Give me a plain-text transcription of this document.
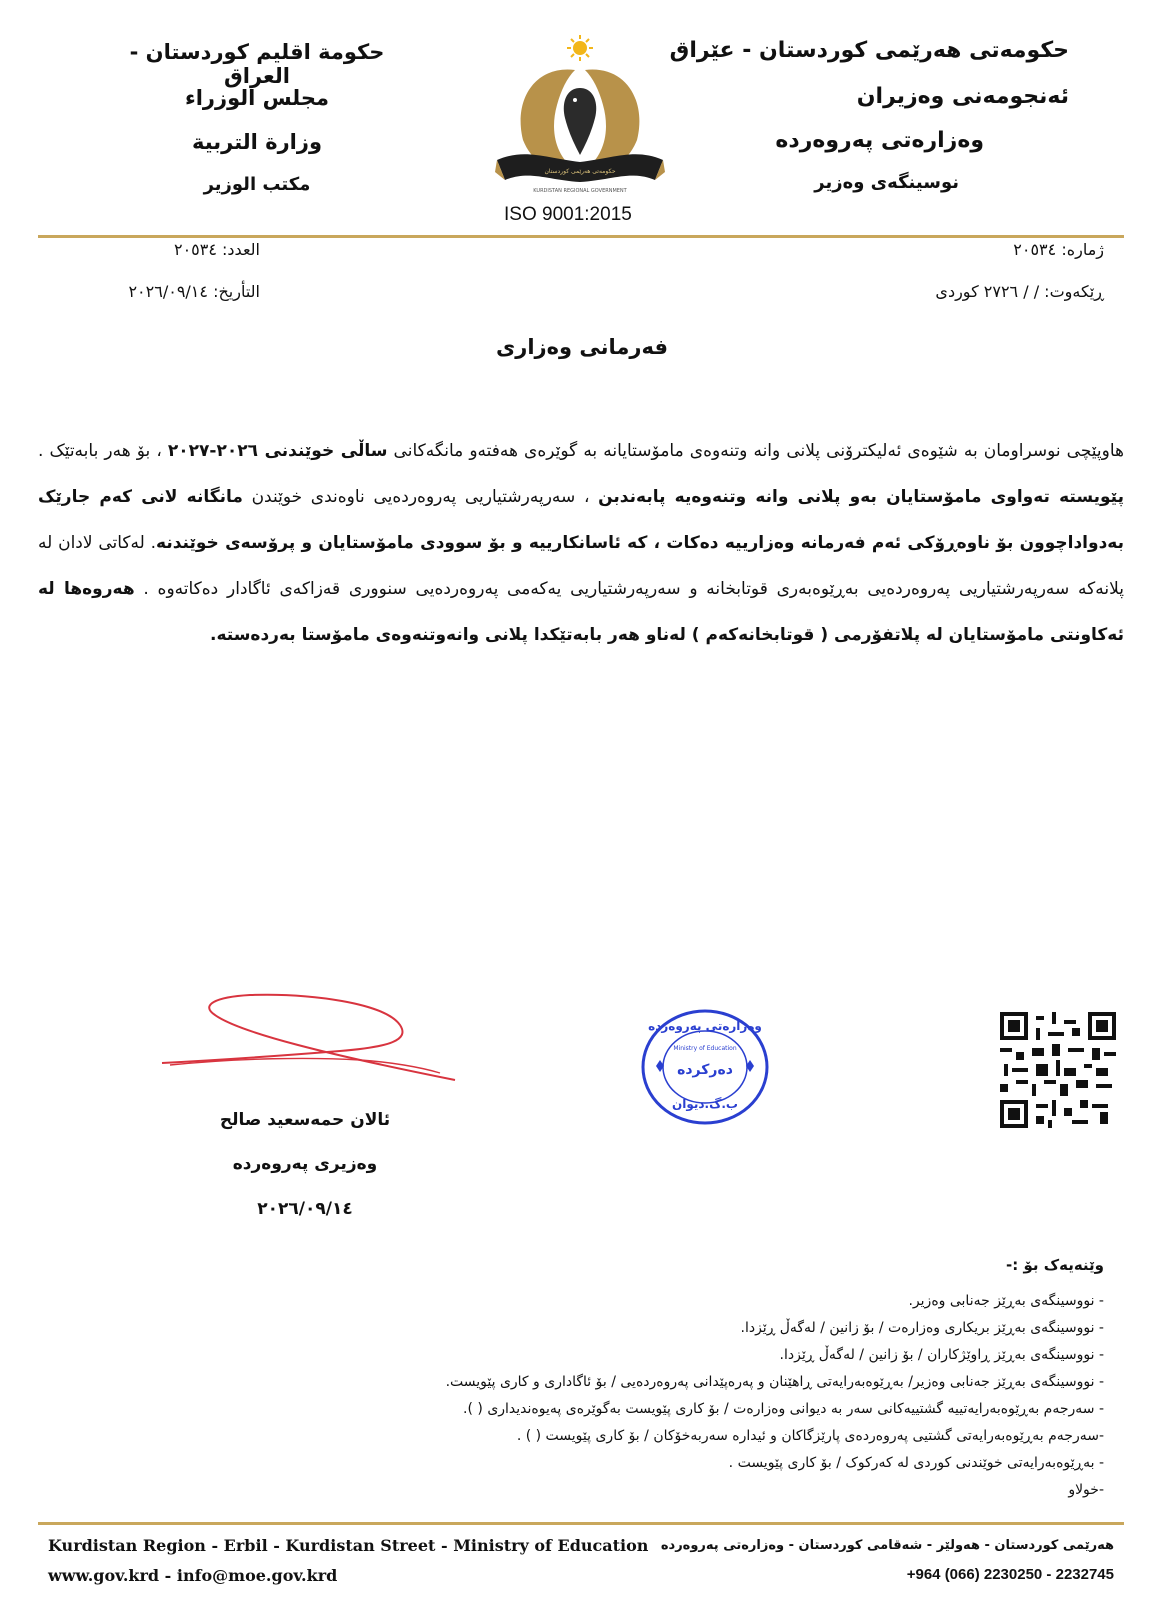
حکومەتی هەرێمی کوردستان - عێراق
ئەنجومەنی وەزیران
وەزارەتی پەروەردە
نوسینگەی وەزیر
حكومة اقليم كوردستان - العراق
مجلس الوزراء
وزارة التربية
مكتب الوزير
حكومەتی هەرێمی کوردستان
KURDISTAN REGIONAL GOVERNMENT
ISO 9001:2015
ژمارە: ٢٠٥٣٤
ڕێکەوت: / / ٢٧٢٦ کوردی
العدد: ٢٠٥٣٤
التأريخ: ٢٠٢٦/٠٩/١٤
فەرمانی وەزاری
هاوپێچی نوسراومان بە شێوەی ئەلیکترۆنی پلانی وانە وتنەوەی مامۆستایانە بە گوێرەی هەفتەو مانگەکانی ساڵی خوێندنی ٢٠٢٦-٢٠٢٧ ، بۆ هەر بابەتێک . پێویستە تەواوی مامۆستایان بەو پلانی وانە وتنەوەیە پابەندبن ، سەرپەرشتیاریی پەروەردەیی ناوەندی خوێندن مانگانە لانی کەم جارێک بەدواداچوون بۆ ناوەڕۆکی ئەم فەرمانە وەزارییە دەکات ، کە ئاسانکارییە و بۆ سوودی مامۆستایان و پرۆسەی خوێندنە. لەکاتی لادان لە پلانەکە سەرپەرشتیاریی پەروەردەیی بەڕێوەبەری قوتابخانە و سەرپەرشتیاریی یەکەمی پەروەردەیی سنووری قەزاکەی ئاگادار دەکاتەوە . هەروەها لە ئەکاونتی مامۆستایان لە پلاتفۆرمی ( قوتابخانەکەم ) لەناو هەر بابەتێکدا پلانی وانەوتنەوەی مامۆستا بەردەستە.
وەزارەتی پەروەردە
Ministry of Education
دەرکردە
ب.گ.دیوان
ئالان حمەسعید صالح
وەزیری پەروەردە
٢٠٢٦/٠٩/١٤
وێنەیەک بۆ :-
- نووسینگەی بەڕێز جەنابی وەزیر.
- نووسینگەی بەڕێز بریکاری وەزارەت / بۆ زانین / لەگەڵ ڕێزدا.
- نووسینگەی بەڕێز ڕاوێژکاران / بۆ زانین / لەگەڵ ڕێزدا.
- نووسینگەی بەڕێز جەنابی وەزیر/ بەڕێوەبەرایەتی ڕاهێنان و پەرەپێدانی پەروەردەیی / بۆ ئاگاداری و کاری پێویست.
- سەرجەم بەڕێوەبەرایەتییە گشتییەکانی سەر بە دیوانی وەزارەت / بۆ کاری پێویست بەگوێرەی پەیوەندیداری ( ).
-سەرجەم بەڕێوەبەرایەتی گشتیی پەروەردەی پارێزگاکان و ئیدارە سەربەخۆکان / بۆ کاری پێویست ( ) .
- بەڕێوەبەرایەتی خوێندنی کوردی لە کەرکوک / بۆ کاری پێویست .
-خولاو
Kurdistan Region - Erbil - Kurdistan Street - Ministry of Education
www.gov.krd - info@moe.gov.krd
هەرێمی کوردستان - هەولێر - شەقامی کوردستان - وەزارەتی پەروەردە
+964 (066) 2230250 - 2232745
